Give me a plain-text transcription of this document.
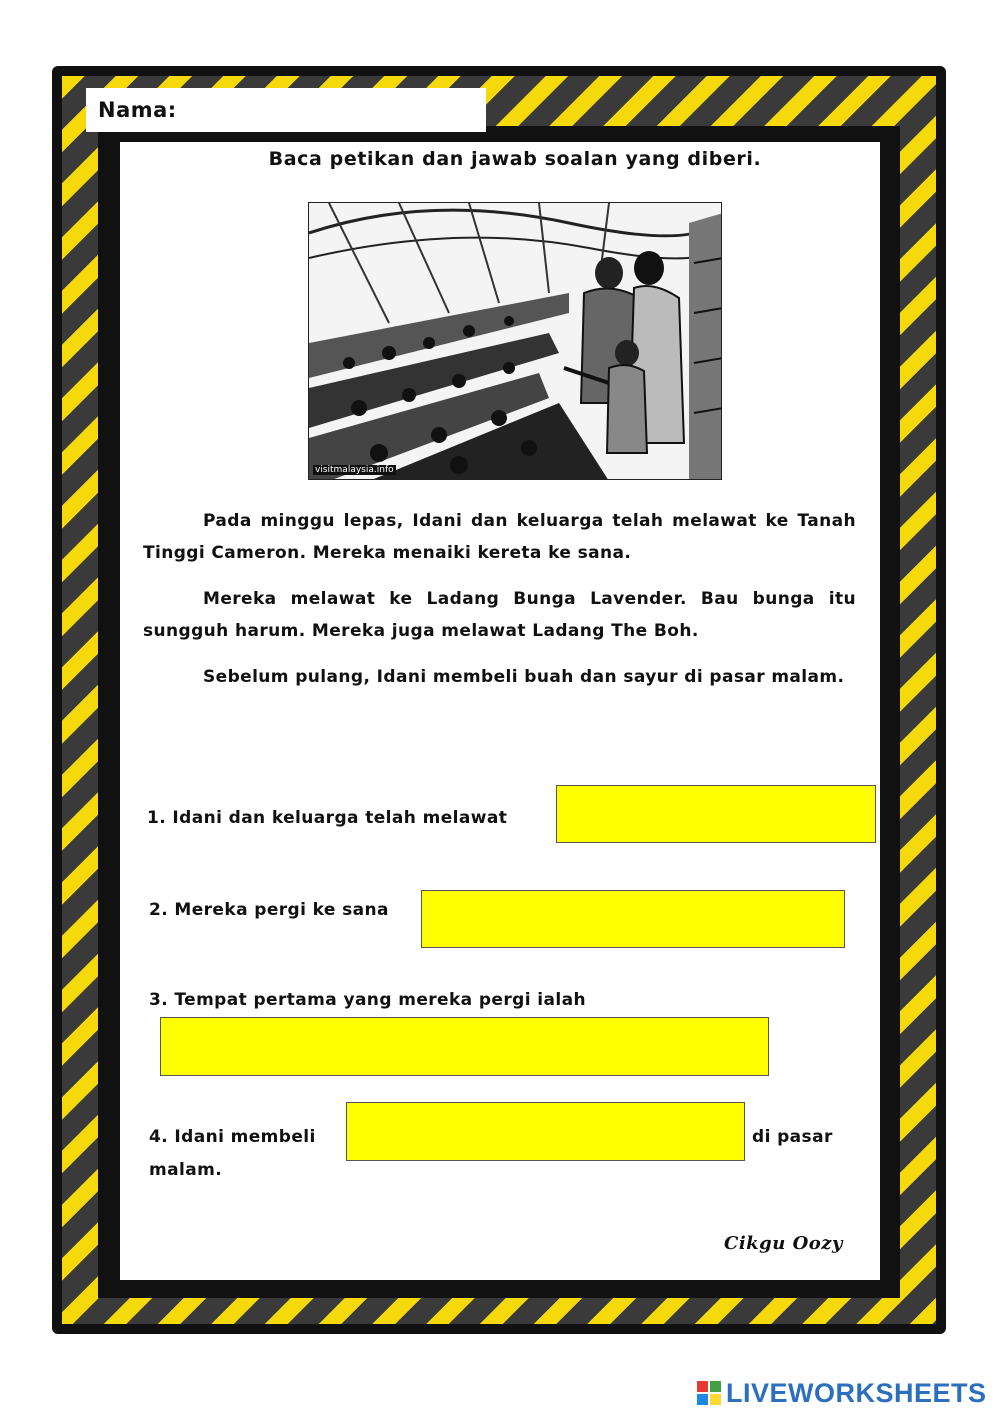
Nama:
Baca petikan dan jawab soalan yang diberi.
visitmalaysia.info

Pada minggu lepas, Idani dan keluarga telah melawat ke Tanah Tinggi Cameron. Mereka menaiki kereta ke sana.

Mereka melawat ke Ladang Bunga Lavender. Bau bunga itu sungguh harum. Mereka juga melawat Ladang The Boh.

Sebelum pulang, Idani membeli buah dan sayur di pasar malam.

1. Idani dan keluarga telah melawat
2. Mereka pergi ke sana
3. Tempat pertama yang mereka pergi ialah
4. Idani membeli	di pasar
malam.
Cikgu Oozy
LIVEWORKSHEETS
